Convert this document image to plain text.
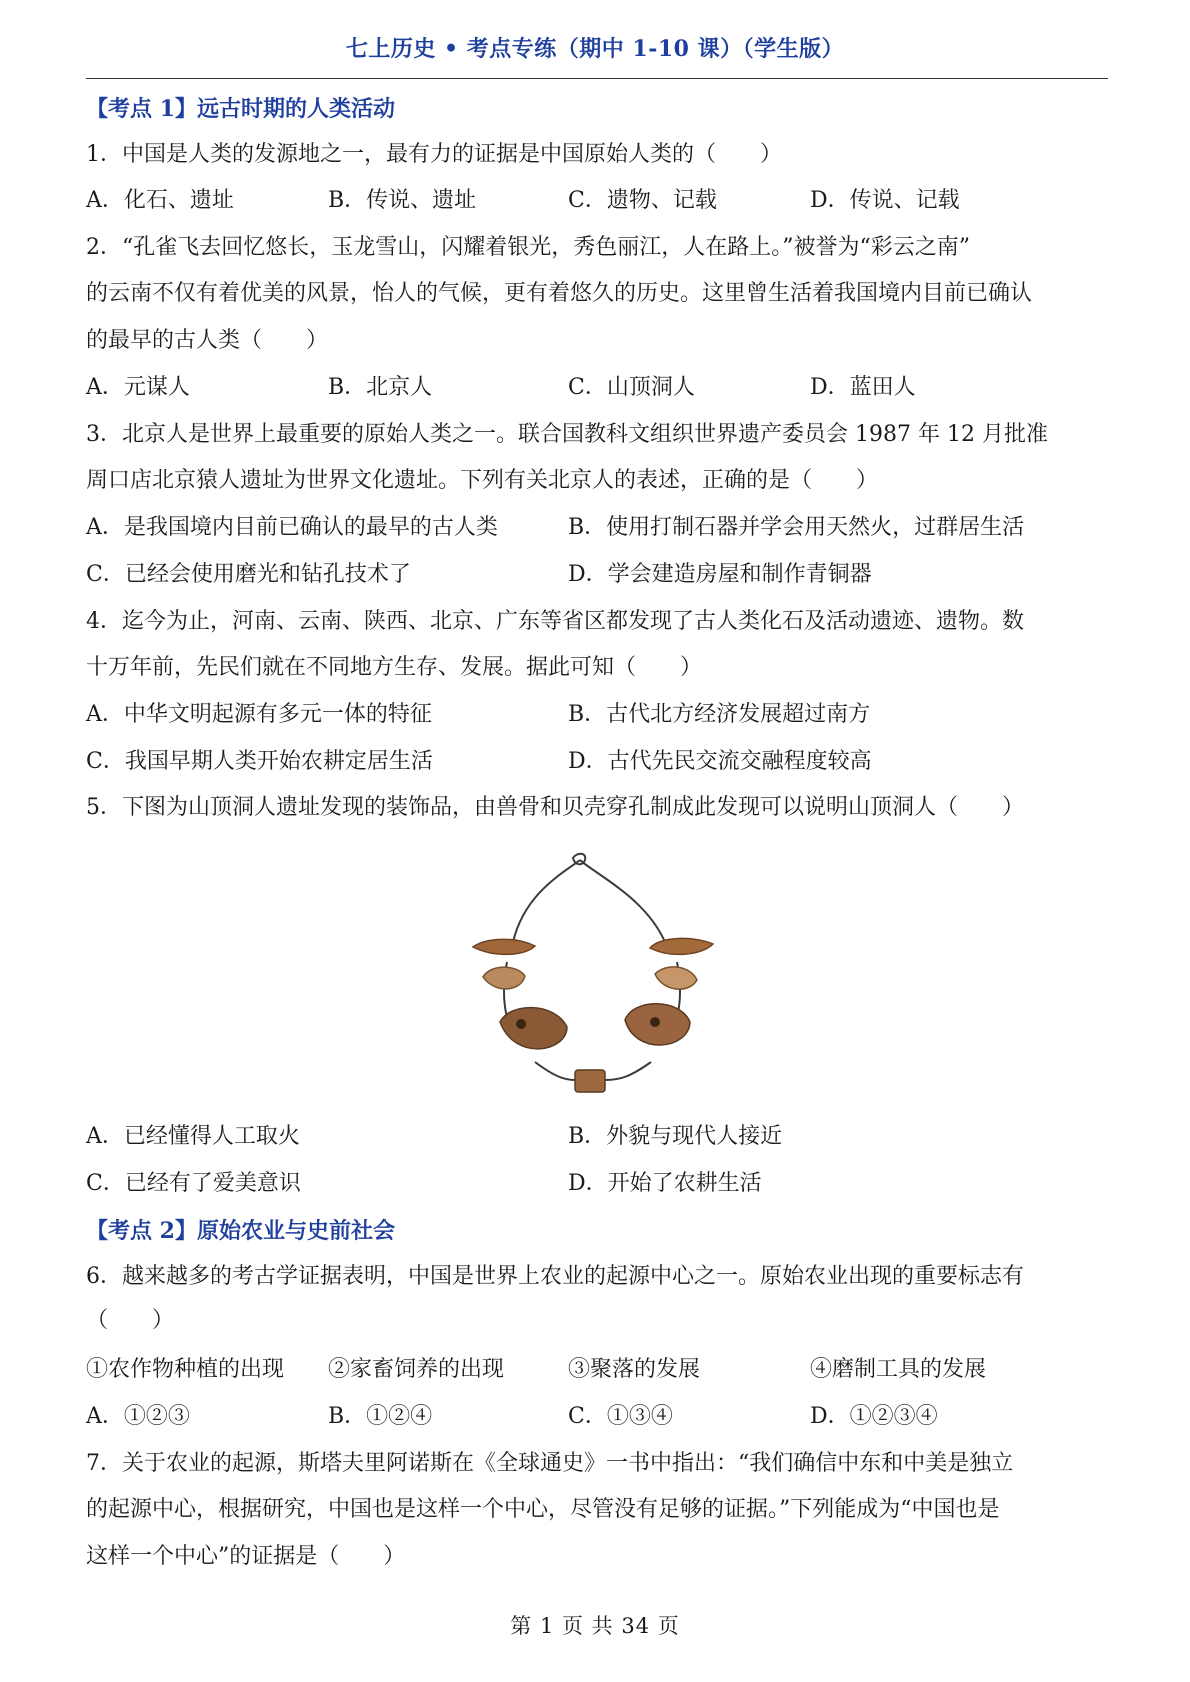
七上历史 • 考点专练（期中 1-10 课）（学生版）
【考点 1】远古时期的人类活动
1．中国是人类的发源地之一，最有力的证据是中国原始人类的（　　）
A．化石、遗址	B．传说、遗址	C．遗物、记载	D．传说、记载
2．“孔雀飞去回忆悠长，玉龙雪山，闪耀着银光，秀色丽江，人在路上。”被誉为“彩云之南”
的云南不仅有着优美的风景，怡人的气候，更有着悠久的历史。这里曾生活着我国境内目前已确认
的最早的古人类（　　）
A．元谋人	B．北京人	C．山顶洞人	D．蓝田人
3．北京人是世界上最重要的原始人类之一。联合国教科文组织世界遗产委员会 1987 年 12 月批准
周口店北京猿人遗址为世界文化遗址。下列有关北京人的表述，正确的是（　　）
A．是我国境内目前已确认的最早的古人类	B．使用打制石器并学会用天然火，过群居生活
C．已经会使用磨光和钻孔技术了	D．学会建造房屋和制作青铜器
4．迄今为止，河南、云南、陕西、北京、广东等省区都发现了古人类化石及活动遗迹、遗物。数
十万年前，先民们就在不同地方生存、发展。据此可知（　　）
A．中华文明起源有多元一体的特征	B．古代北方经济发展超过南方
C．我国早期人类开始农耕定居生活	D．古代先民交流交融程度较高
5．下图为山顶洞人遗址发现的装饰品，由兽骨和贝壳穿孔制成此发现可以说明山顶洞人（　　）
A．已经懂得人工取火	B．外貌与现代人接近
C．已经有了爱美意识	D．开始了农耕生活
【考点 2】原始农业与史前社会
6．越来越多的考古学证据表明，中国是世界上农业的起源中心之一。原始农业出现的重要标志有
（　　）
①农作物种植的出现 ②家畜饲养的出现	③聚落的发展	④磨制工具的发展
A．①②③	B．①②④	C．①③④	D．①②③④
7．关于农业的起源，斯塔夫里阿诺斯在《全球通史》一书中指出：“我们确信中东和中美是独立
的起源中心，根据研究，中国也是这样一个中心，尽管没有足够的证据。”下列能成为“中国也是
这样一个中心”的证据是（　　）
第 1 页 共 34 页
